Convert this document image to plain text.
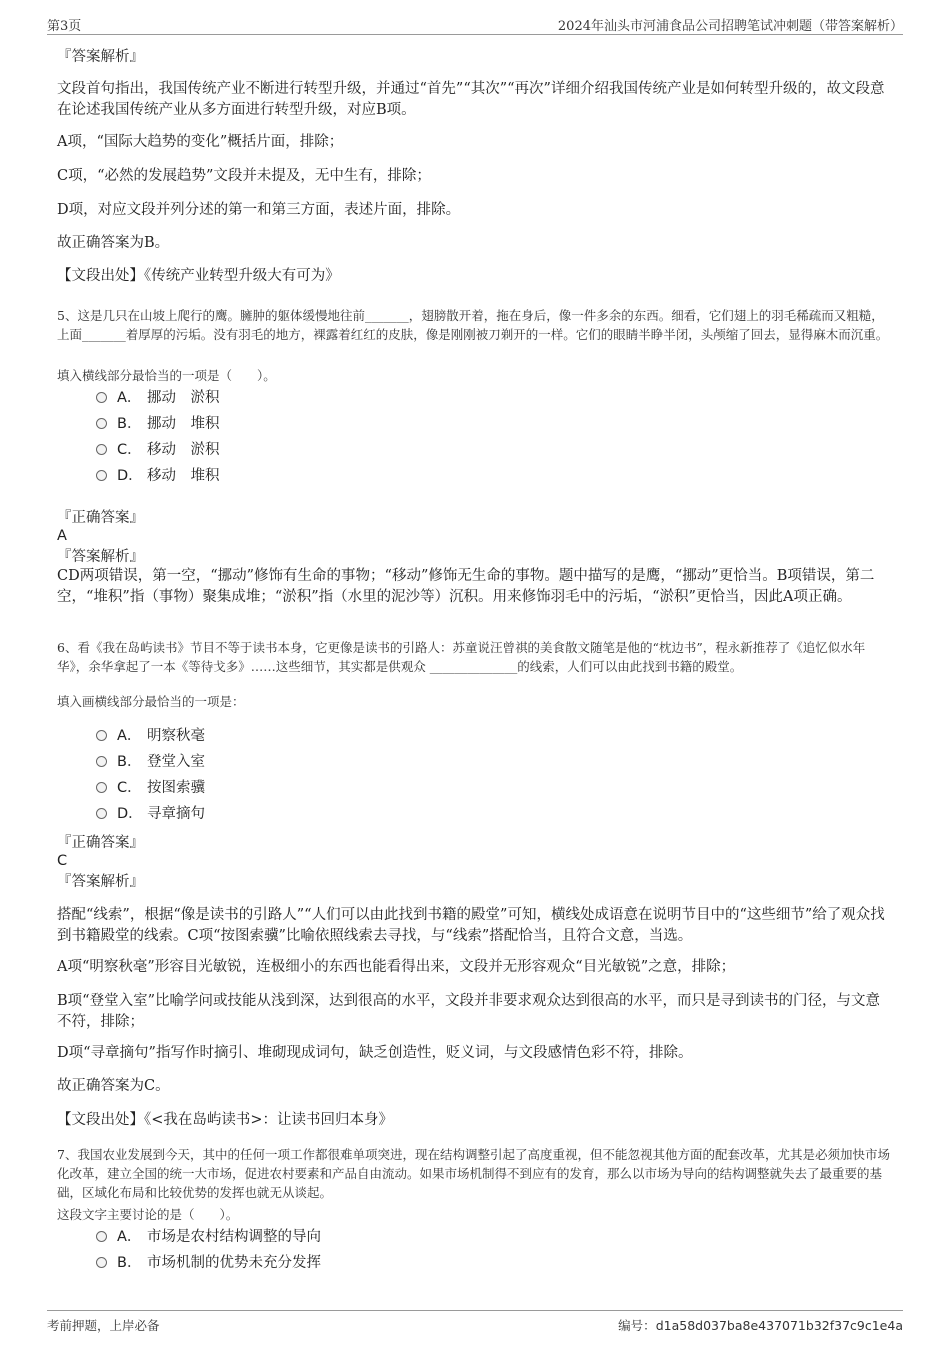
第3页	2024年汕头市河浦食品公司招聘笔试冲刺题（带答案解析）

『答案解析』

文段首句指出，我国传统产业不断进行转型升级，并通过“首先”“其次”“再次”详细介绍我国传统产业是如何转型升级的，故文段意在论述我国传统产业从多方面进行转型升级，对应B项。

A项，“国际大趋势的变化”概括片面，排除；

C项，“必然的发展趋势”文段并未提及，无中生有，排除；

D项，对应文段并列分述的第一和第三方面，表述片面，排除。

故正确答案为B。

【文段出处】《传统产业转型升级大有可为》

5、这是几只在山坡上爬行的鹰。臃肿的躯体缓慢地往前_______，翅膀散开着，拖在身后，像一件多余的东西。细看，它们翅上的羽毛稀疏而又粗糙，上面_______着厚厚的污垢。没有羽毛的地方，裸露着红红的皮肤，像是刚刚被刀剃开的一样。它们的眼睛半睁半闭，头颅缩了回去，显得麻木而沉重。

填入横线部分最恰当的一项是（　　）。

A． 挪动　淤积
B． 挪动　堆积
C． 移动　淤积
D． 移动　堆积

『正确答案』

A

『答案解析』

CD两项错误，第一空，“挪动”修饰有生命的事物；“移动”修饰无生命的事物。题中描写的是鹰，“挪动”更恰当。B项错误，第二空，“堆积”指（事物）聚集成堆；“淤积”指（水里的泥沙等）沉积。用来修饰羽毛中的污垢，“淤积”更恰当，因此A项正确。

6、看《我在岛屿读书》节目不等于读书本身，它更像是读书的引路人：苏童说汪曾祺的美食散文随笔是他的“枕边书”，程永新推荐了《追忆似水年华》，余华拿起了一本《等待戈多》……这些细节，其实都是供观众 ______________的线索，人们可以由此找到书籍的殿堂。

填入画横线部分最恰当的一项是：

A． 明察秋毫
B． 登堂入室
C． 按图索骥
D． 寻章摘句

『正确答案』

C

『答案解析』

搭配“线索”，根据“像是读书的引路人”“人们可以由此找到书籍的殿堂”可知，横线处成语意在说明节目中的“这些细节”给了观众找到书籍殿堂的线索。C项“按图索骥”比喻依照线索去寻找，与“线索”搭配恰当，且符合文意，当选。

A项“明察秋毫”形容目光敏锐，连极细小的东西也能看得出来，文段并无形容观众“目光敏锐”之意，排除；

B项“登堂入室”比喻学问或技能从浅到深，达到很高的水平，文段并非要求观众达到很高的水平，而只是寻到读书的门径，与文意不符，排除；

D项“寻章摘句”指写作时摘引、堆砌现成词句，缺乏创造性，贬义词，与文段感情色彩不符，排除。

故正确答案为C。

【文段出处】《<我在岛屿读书>：让读书回归本身》

7、我国农业发展到今天，其中的任何一项工作都很难单项突进，现在结构调整引起了高度重视，但不能忽视其他方面的配套改革，尤其是必须加快市场化改革，建立全国的统一大市场，促进农村要素和产品自由流动。如果市场机制得不到应有的发育，那么以市场为导向的结构调整就失去了最重要的基础，区域化布局和比较优势的发挥也就无从谈起。

这段文字主要讨论的是（　　）。

A． 市场是农村结构调整的导向
B． 市场机制的优势未充分发挥
考前押题，上岸必备	编号：d1a58d037ba8e437071b32f37c9c1e4a
